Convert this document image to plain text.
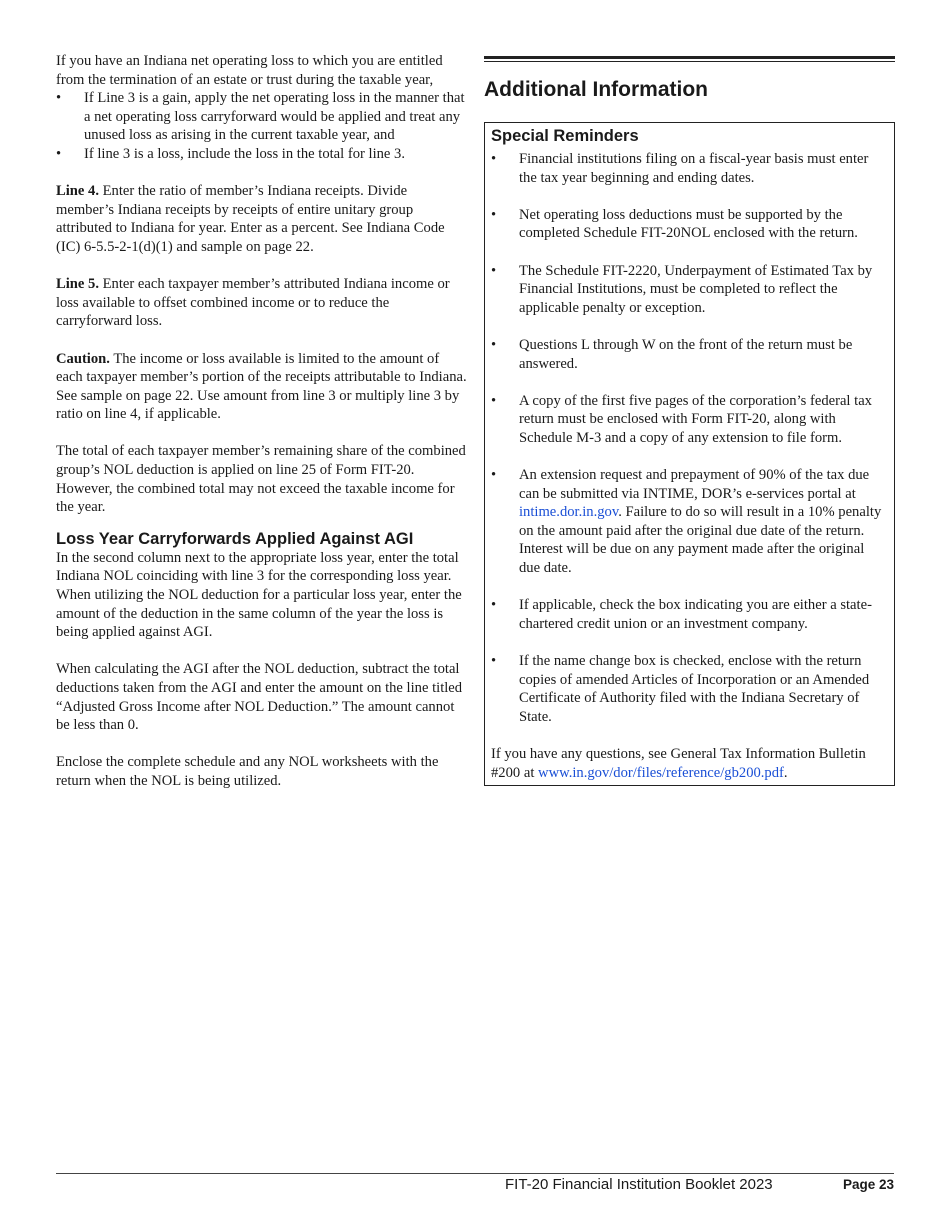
If you have an Indiana net operating loss to which you are entitled from the termination of an estate or trust during the taxable year,

• If Line 3 is a gain, apply the net operating loss in the manner that a net operating loss carryforward would be applied and treat any unused loss as arising in the current taxable year, and
• If line 3 is a loss, include the loss in the total for line 3.

Line 4. Enter the ratio of member’s Indiana receipts. Divide member’s Indiana receipts by receipts of entire unitary group attributed to Indiana for year. Enter as a percent. See Indiana Code (IC) 6-5.5-2-1(d)(1) and sample on page 22.

Line 5. Enter each taxpayer member’s attributed Indiana income or loss available to offset combined income or to reduce the carryforward loss.

Caution. The income or loss available is limited to the amount of each taxpayer member’s portion of the receipts attributable to Indiana. See sample on page 22. Use amount from line 3 or multiply line 3 by ratio on line 4, if applicable.

The total of each taxpayer member’s remaining share of the combined group’s NOL deduction is applied on line 25 of Form FIT-20. However, the combined total may not exceed the taxable income for the year.

Loss Year Carryforwards Applied Against AGI

In the second column next to the appropriate loss year, enter the total Indiana NOL coinciding with line 3 for the corresponding loss year. When utilizing the NOL deduction for a particular loss year, enter the amount of the deduction in the same column of the year the loss is being applied against AGI.

When calculating the AGI after the NOL deduction, subtract the total deductions taken from the AGI and enter the amount on the line titled “Adjusted Gross Income after NOL Deduction.” The amount cannot be less than 0.

Enclose the complete schedule and any NOL worksheets with the return when the NOL is being utilized.

Additional Information
Special Reminders
• Financial institutions filing on a fiscal-year basis must enter the tax year beginning and ending dates.
• Net operating loss deductions must be supported by the completed Schedule FIT-20NOL enclosed with the return.
• The Schedule FIT-2220, Underpayment of Estimated Tax by Financial Institutions, must be completed to reflect the applicable penalty or exception.
• Questions L through W on the front of the return must be answered.
• A copy of the first five pages of the corporation’s federal tax return must be enclosed with Form FIT-20, along with Schedule M-3 and a copy of any extension to file form.
• An extension request and prepayment of 90% of the tax due can be submitted via INTIME, DOR’s e-services portal at intime.dor.in.gov. Failure to do so will result in a 10% penalty on the amount paid after the original due date of the return. Interest will be due on any payment made after the original due date.
• If applicable, check the box indicating you are either a state-chartered credit union or an investment company.
• If the name change box is checked, enclose with the return copies of amended Articles of Incorporation or an Amended Certificate of Authority filed with the Indiana Secretary of State.

If you have any questions, see General Tax Information Bulletin #200 at www.in.gov/dor/files/reference/gb200.pdf.

FIT-20 Financial Institution Booklet 2023	Page 23
